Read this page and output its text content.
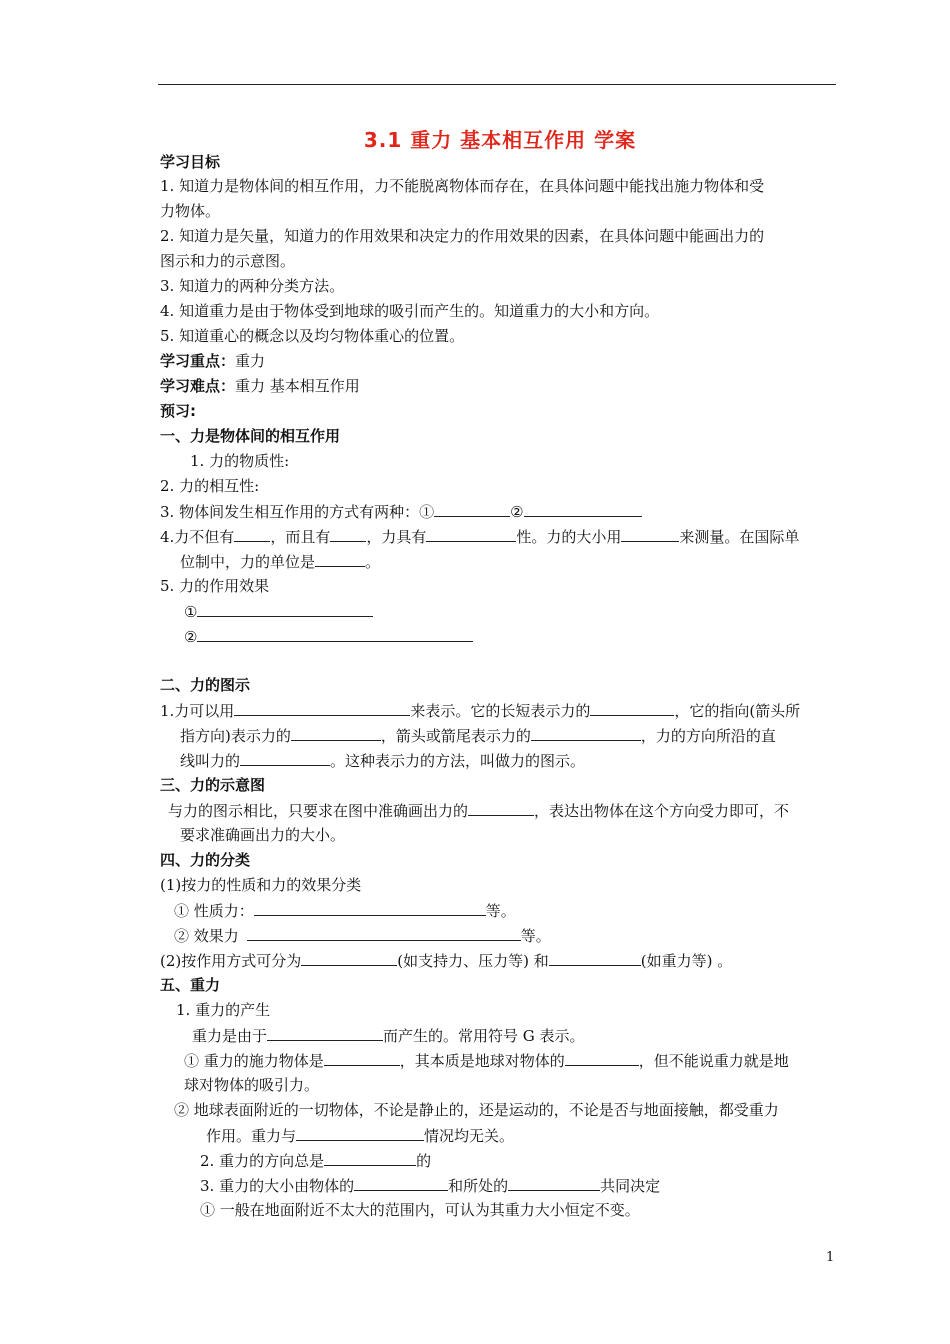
3.1 重力 基本相互作用 学案
学习目标
1. 知道力是物体间的相互作用，力不能脱离物体而存在，在具体问题中能找出施力物体和受
力物体。
2. 知道力是矢量，知道力的作用效果和决定力的作用效果的因素，在具体问题中能画出力的
图示和力的示意图。
3. 知道力的两种分类方法。
4. 知道重力是由于物体受到地球的吸引而产生的。知道重力的大小和方向。
5. 知道重心的概念以及均匀物体重心的位置。
学习重点：重力
学习难点：重力 基本相互作用
预习:
一、力是物体间的相互作用
1. 力的物质性:
2. 力的相互性:
3. 物体间发生相互作用的方式有两种：①	②
4.力不但有 ，而且有 ，力具有	性。力的大小用	来测量。在国际单
位制中，力的单位是	。
5. 力的作用效果
①
②
二、力的图示
1.力可以用	来表示。它的长短表示力的	，它的指向(箭头所
指方向)表示力的	，箭头或箭尾表示力的	，力的方向所沿的直
线叫力的	。这种表示力的方法，叫做力的图示。
三、力的示意图
与力的图示相比，只要求在图中准确画出力的	，表达出物体在这个方向受力即可，不
要求准确画出力的大小。
四、力的分类
(1)按力的性质和力的效果分类
① 性质力：	等。
② 效果力	等。
(2)按作用方式可分为	(如支持力、压力等) 和	(如重力等) 。
五、重力
1. 重力的产生
重力是由于	而产生的。常用符号 G 表示。
① 重力的施力物体是	，其本质是地球对物体的	，但不能说重力就是地
球对物体的吸引力。
② 地球表面附近的一切物体，不论是静止的，还是运动的，不论是否与地面接触，都受重力
作用。重力与	情况均无关。
2. 重力的方向总是	的
3. 重力的大小由物体的	和所处的	共同决定
① 一般在地面附近不太大的范围内，可认为其重力大小恒定不变。
1
